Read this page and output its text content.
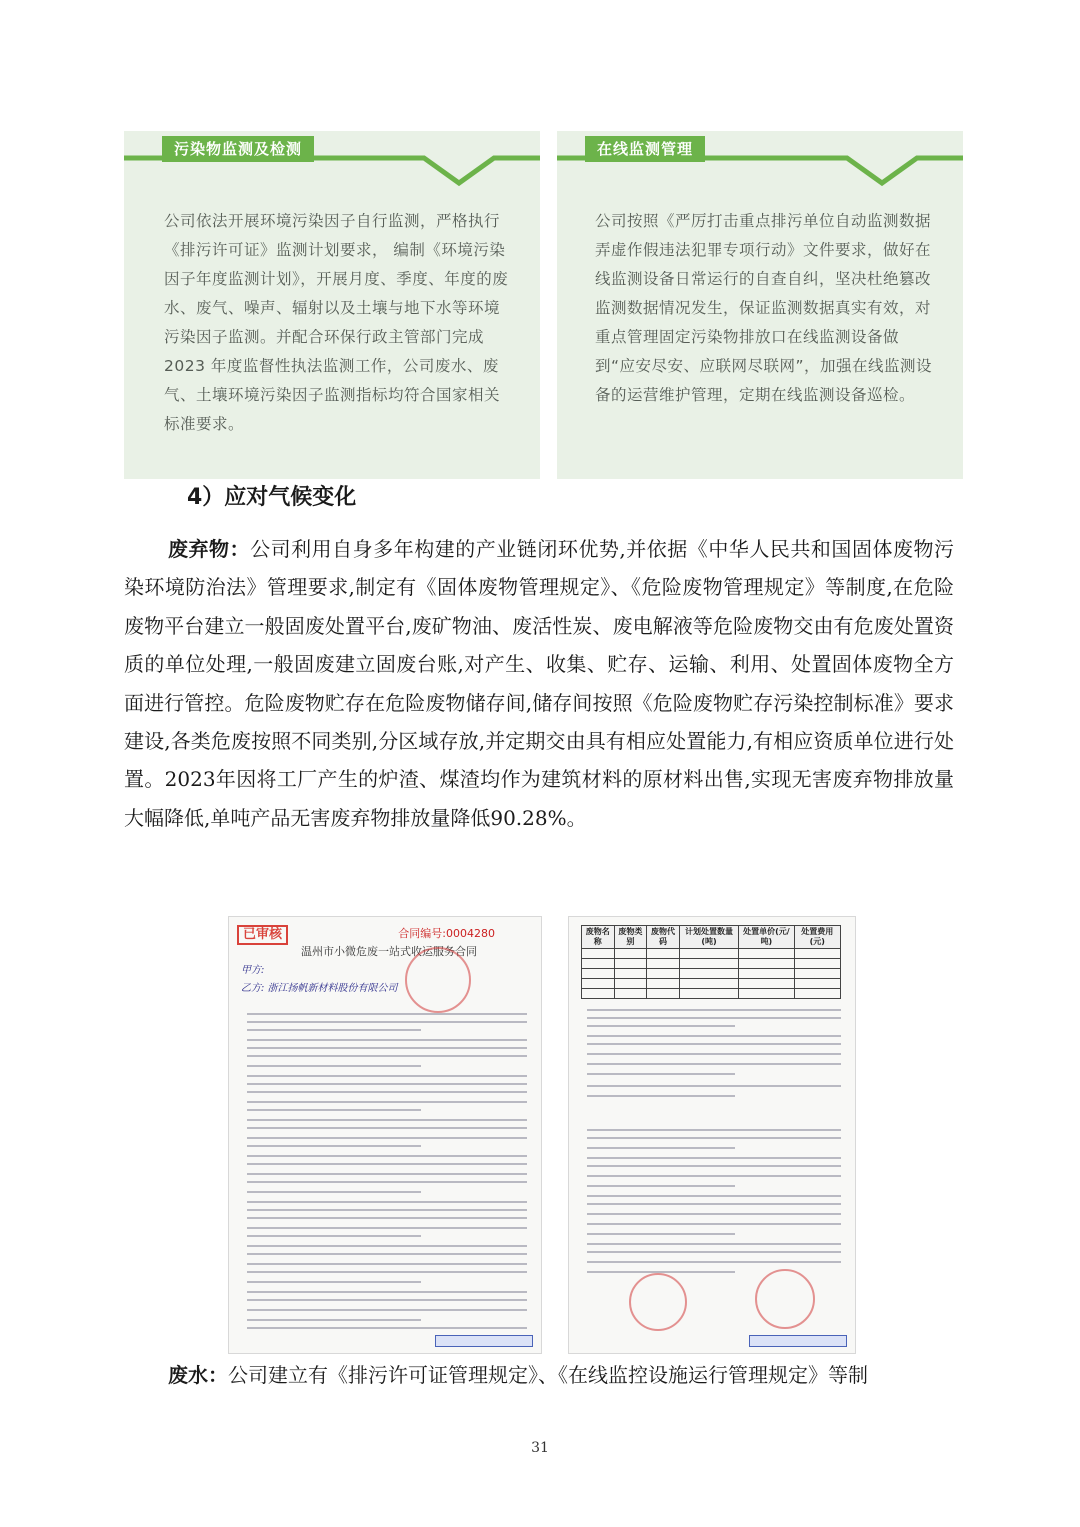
污染物监测及检测

公司依法开展环境污染因子自行监测，严格执行《排污许可证》监测计划要求， 编制《环境污染因子年度监测计划》，开展月度、季度、年度的废水、废气、噪声、辐射以及土壤与地下水等环境污染因子监测。并配合环保行政主管部门完成 2023 年度监督性执法监测工作，公司废水、废气、土壤环境污染因子监测指标均符合国家相关标准要求。

在线监测管理

公司按照《严厉打击重点排污单位自动监测数据弄虚作假违法犯罪专项行动》文件要求，做好在线监测设备日常运行的自查自纠，坚决杜绝篡改监测数据情况发生，保证监测数据真实有效，对重点管理固定污染物排放口在线监测设备做到“应安尽安、应联网尽联网”，加强在线监测设备的运营维护管理，定期在线监测设备巡检。

4）应对气候变化

废弃物：公司利用自身多年构建的产业链闭环优势,并依据《中华人民共和国固体废物污染环境防治法》管理要求,制定有《固体废物管理规定》、《危险废物管理规定》等制度,在危险废物平台建立一般固废处置平台,废矿物油、废活性炭、废电解液等危险废物交由有危废处置资质的单位处理,一般固废建立固废台账,对产生、收集、贮存、运输、利用、处置固体废物全方面进行管控。危险废物贮存在危险废物储存间,储存间按照《危险废物贮存污染控制标准》要求建设,各类危废按照不同类别,分区域存放,并定期交由具有相应处置能力,有相应资质单位进行处置。2023年因将工厂产生的炉渣、煤渣均作为建筑材料的原材料出售,实现无害废弃物排放量大幅降低,单吨产品无害废弃物排放量降低90.28%。

已审核	合同编号:0004280
温州市小微危废一站式收运服务合同
甲方:
乙方: 浙江扬帆新材料股份有限公司
废物名称	废物类别	废物代码	计划处置数量(吨)	处置单价(元/吨)	处置费用(元)

废水：公司建立有《排污许可证管理规定》、《在线监控设施运行管理规定》等制

31
